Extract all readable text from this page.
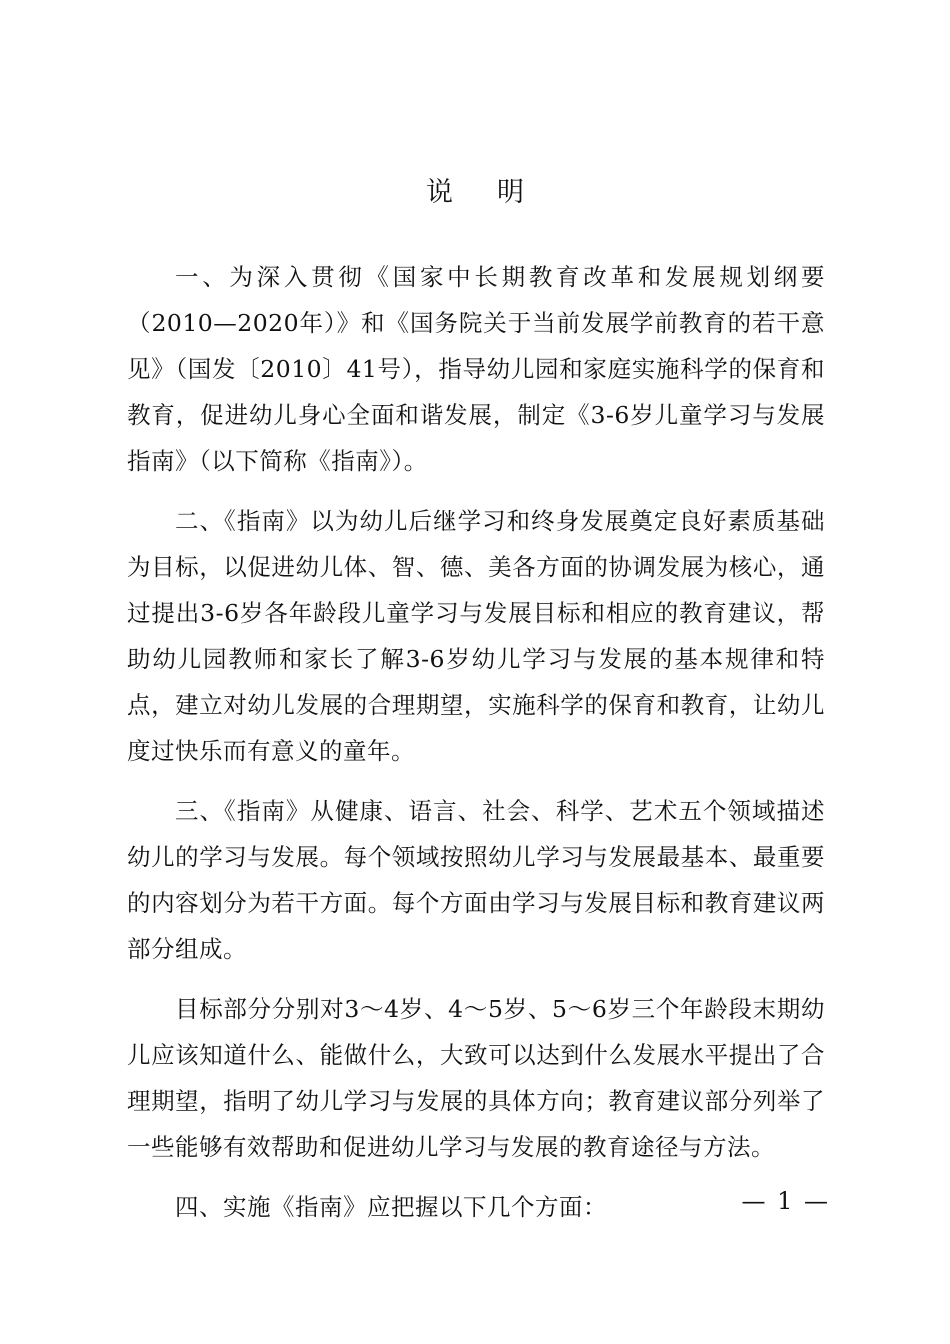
说明

一、为深入贯彻《国家中长期教育改革和发展规划纲要（2010—2020年）》和《国务院关于当前发展学前教育的若干意见》（国发〔2010〕41号），指导幼儿园和家庭实施科学的保育和教育，促进幼儿身心全面和谐发展，制定《3-6岁儿童学习与发展指南》（以下简称《指南》）。

二、《指南》以为幼儿后继学习和终身发展奠定良好素质基础为目标，以促进幼儿体、智、德、美各方面的协调发展为核心，通过提出3-6岁各年龄段儿童学习与发展目标和相应的教育建议，帮助幼儿园教师和家长了解3-6岁幼儿学习与发展的基本规律和特点，建立对幼儿发展的合理期望，实施科学的保育和教育，让幼儿度过快乐而有意义的童年。

三、《指南》从健康、语言、社会、科学、艺术五个领域描述幼儿的学习与发展。每个领域按照幼儿学习与发展最基本、最重要的内容划分为若干方面。每个方面由学习与发展目标和教育建议两部分组成。

目标部分分别对3～4岁、4～5岁、5～6岁三个年龄段末期幼儿应该知道什么、能做什么，大致可以达到什么发展水平提出了合理期望，指明了幼儿学习与发展的具体方向；教育建议部分列举了一些能够有效帮助和促进幼儿学习与发展的教育途径与方法。

四、实施《指南》应把握以下几个方面：	— 1 —
